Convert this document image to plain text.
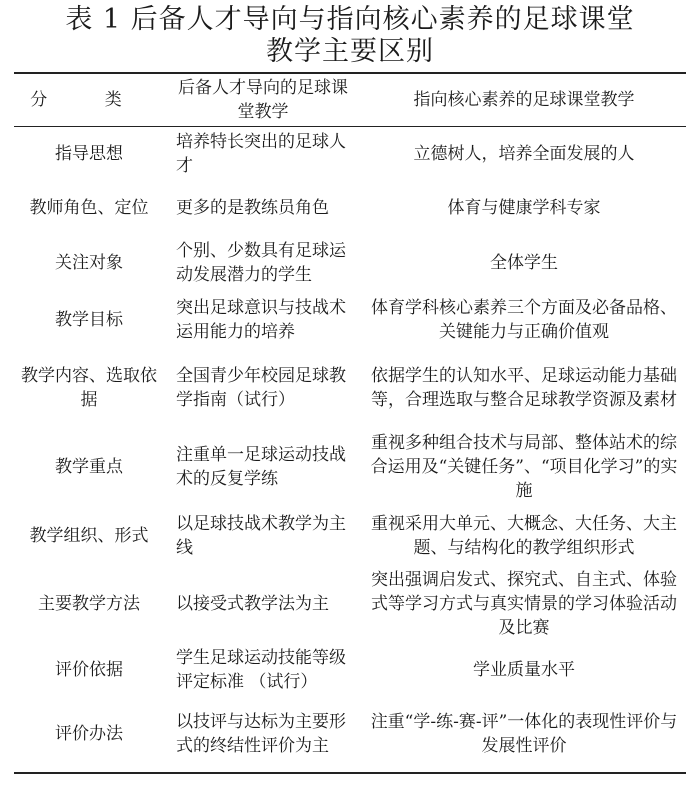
表 1 后备人才导向与指向核心素养的足球课堂
教学主要区别
分 类	后备人才导向的足球课堂教学	指向核心素养的足球课堂教学
指导思想	培养特长突出的足球人才	立德树人，培养全面发展的人
教师角色、定位	更多的是教练员角色	体育与健康学科专家
关注对象	个别、少数具有足球运动发展潜力的学生	全体学生
教学目标	突出足球意识与技战术运用能力的培养	体育学科核心素养三个方面及必备品格、关键能力与正确价值观
教学内容、选取依据	全国青少年校园足球教学指南（试行）	依据学生的认知水平、足球运动能力基础等，合理选取与整合足球教学资源及素材
教学重点	注重单一足球运动技战术的反复学练	重视多种组合技术与局部、整体站术的综合运用及“关键任务”、“项目化学习”的实施
教学组织、形式	以足球技战术教学为主线	重视采用大单元、大概念、大任务、大主题、与结构化的教学组织形式
主要教学方法	以接受式教学法为主	突出强调启发式、探究式、自主式、体验式等学习方式与真实情景的学习体验活动及比赛
评价依据	学生足球运动技能等级评定标准 （试行）	学业质量水平
评价办法	以技评与达标为主要形式的终结性评价为主	注重“学-练-赛-评”一体化的表现性评价与发展性评价
